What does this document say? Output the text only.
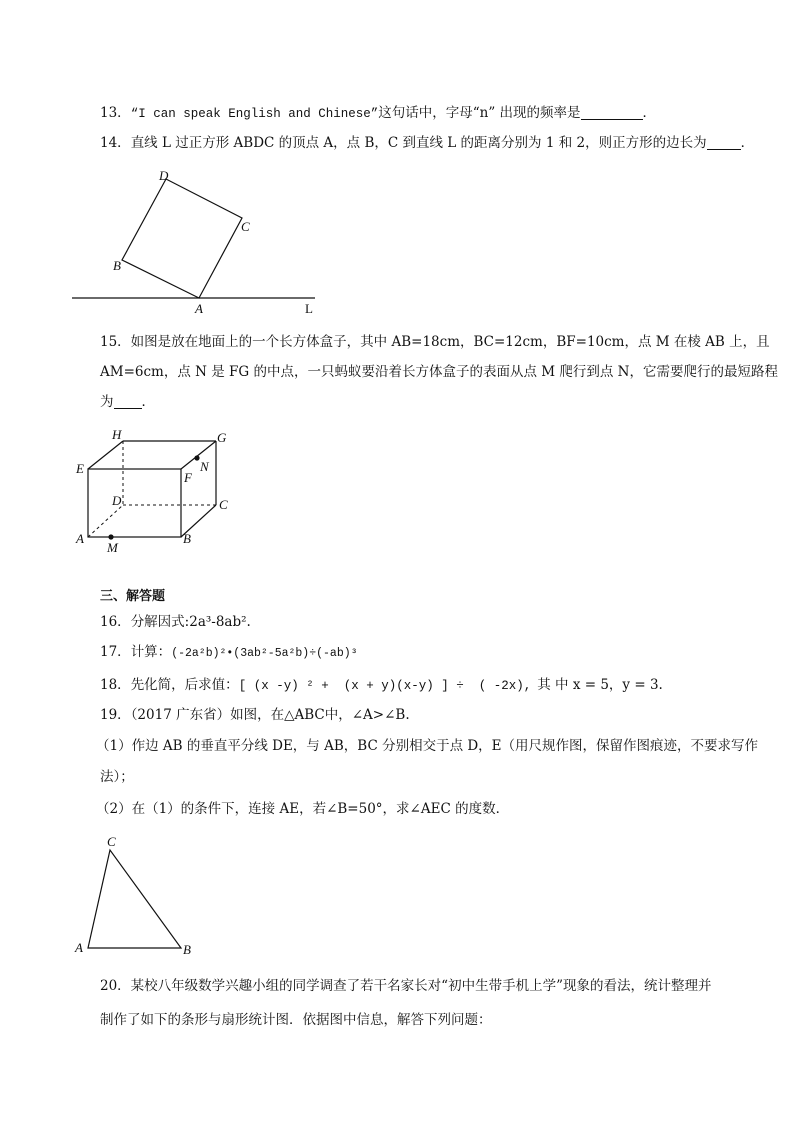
13．“I can speak English and Chinese”这句话中，字母“n” 出现的频率是	．
14．直线 L 过正方形 ABDC 的顶点 A，点 B，C 到直线 L 的距离分别为 1 和 2，则正方形的边长为	．
D
C
B
A	L
15．如图是放在地面上的一个长方体盒子，其中 AB=18cm，BC=12cm，BF=10cm，点 M 在棱 AB 上，且
AM=6cm，点 N 是 FG 的中点，一只蚂蚁要沿着长方体盒子的表面从点 M 爬行到点 N，它需要爬行的最短路程
为 ．
H	G
E	N
F
D	C
A
M
B
三、解答题
16．分解因式:2a³-8ab².
17．计算：(-2a²b)²•(3ab²-5a²b)÷(-ab)³
18．先化简，后求值：[ (x -y) ² +  (x + y)(x-y) ] ÷  ( -2x), 其 中 x = 5，y = 3.
19．（2017 广东省）如图，在△ABC中，∠A>∠B.
（1）作边 AB 的垂直平分线 DE，与 AB，BC 分别相交于点 D，E（用尺规作图，保留作图痕迹，不要求写作
法）；
（2）在（1）的条件下，连接 AE，若∠B=50°，求∠AEC 的度数．
C
A	B
20．某校八年级数学兴趣小组的同学调查了若干名家长对“初中生带手机上学”现象的看法，统计整理并
制作了如下的条形与扇形统计图．依据图中信息，解答下列问题：
